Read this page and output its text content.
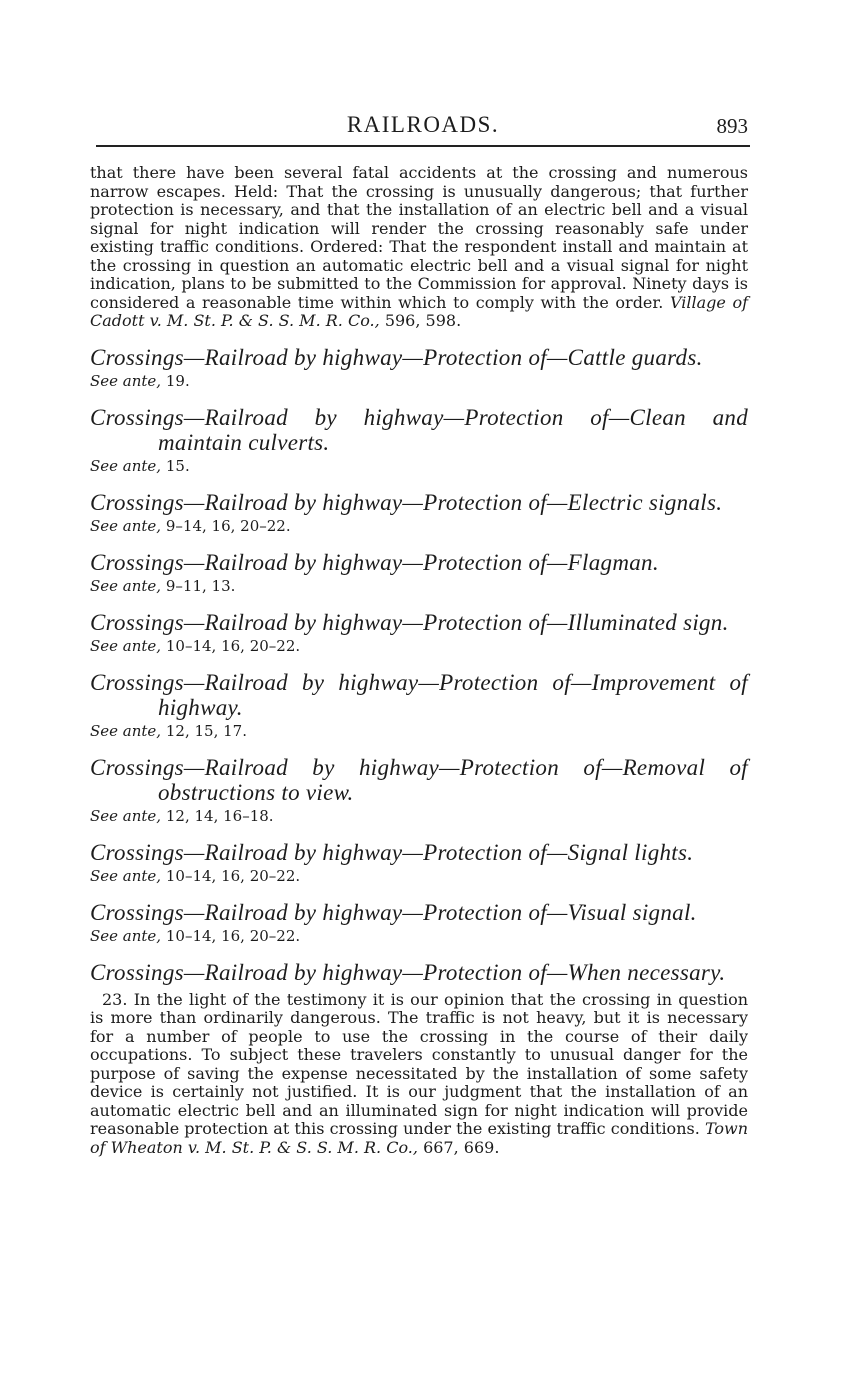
RAILROADS.	893

that there have been several fatal accidents at the crossing and numerous narrow escapes. Held: That the crossing is unusually dangerous; that further protection is necessary, and that the installation of an electric bell and a visual signal for night indication will render the crossing reasonably safe under existing traffic conditions. Ordered: That the respondent install and maintain at the crossing in question an automatic electric bell and a visual signal for night indication, plans to be submitted to the Commission for approval. Ninety days is considered a reasonable time within which to comply with the order. Village of Cadott v. M. St. P. & S. S. M. R. Co., 596, 598.

Crossings—Railroad by highway—Protection of—Cattle guards.

See ante, 19.

Crossings—Railroad by highway—Protection of—Clean and maintain culverts.

See ante, 15.

Crossings—Railroad by highway—Protection of—Electric signals.

See ante, 9–14, 16, 20–22.

Crossings—Railroad by highway—Protection of—Flagman.

See ante, 9–11, 13.

Crossings—Railroad by highway—Protection of—Illuminated sign.

See ante, 10–14, 16, 20–22.

Crossings—Railroad by highway—Protection of—Improvement of highway.

See ante, 12, 15, 17.

Crossings—Railroad by highway—Protection of—Removal of obstructions to view.

See ante, 12, 14, 16–18.

Crossings—Railroad by highway—Protection of—Signal lights.

See ante, 10–14, 16, 20–22.

Crossings—Railroad by highway—Protection of—Visual signal.

See ante, 10–14, 16, 20–22.

Crossings—Railroad by highway—Protection of—When necessary.

23. In the light of the testimony it is our opinion that the crossing in question is more than ordinarily dangerous. The traffic is not heavy, but it is necessary for a number of people to use the crossing in the course of their daily occupations. To subject these travelers constantly to unusual danger for the purpose of saving the expense necessitated by the installation of some safety device is certainly not justified. It is our judgment that the installation of an automatic electric bell and an illuminated sign for night indication will provide reasonable protection at this crossing under the existing traffic conditions. Town of Wheaton v. M. St. P. & S. S. M. R. Co., 667, 669.
